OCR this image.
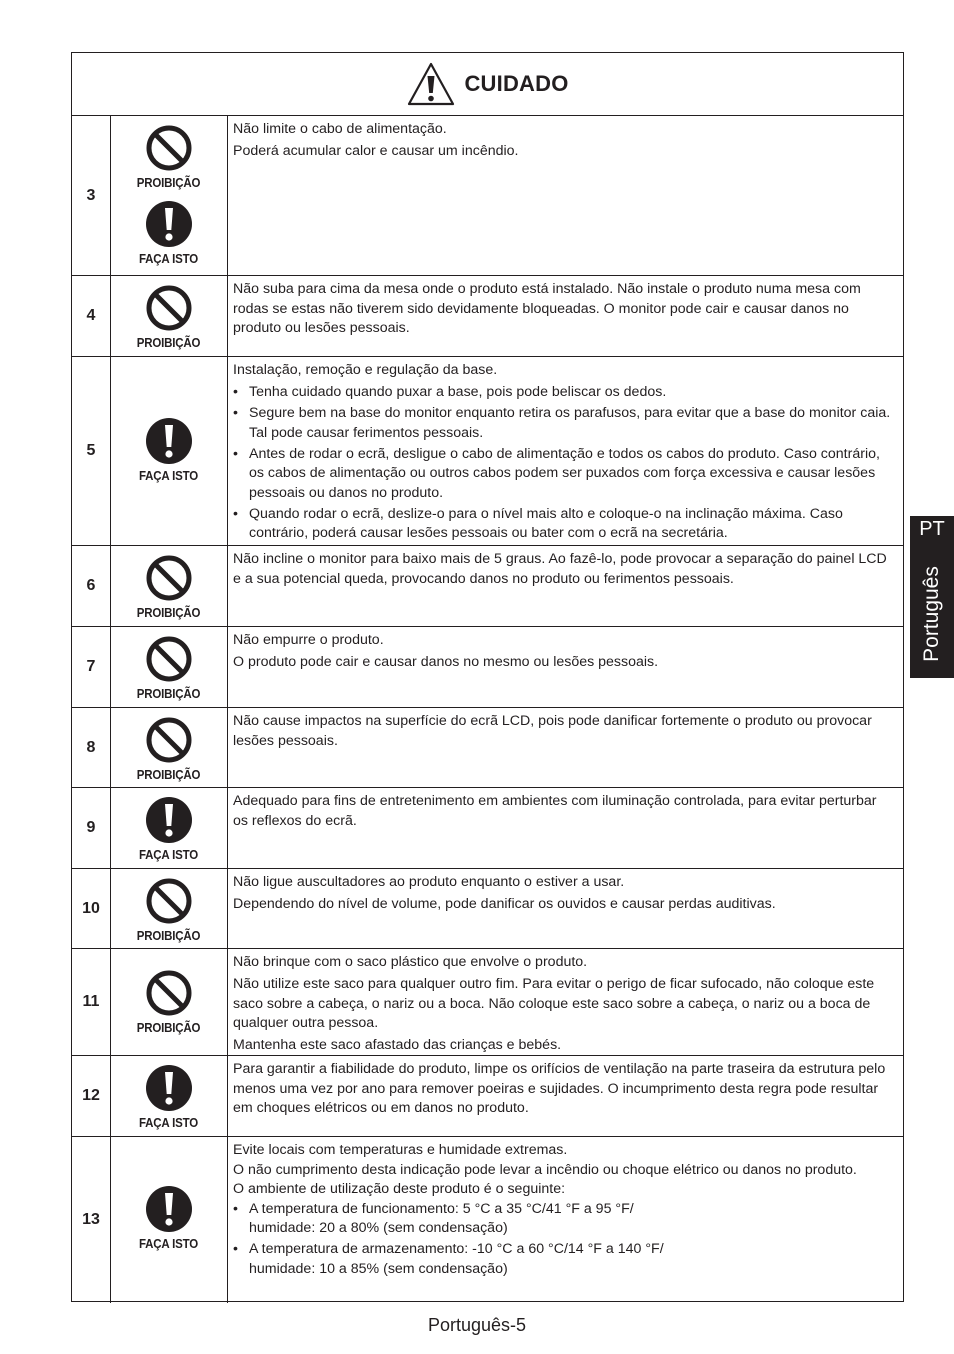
CUIDADO
3
PROIBIÇÃO
FAÇA ISTO

Não limite o cabo de alimentação.

Poderá acumular calor e causar um incêndio.

4
PROIBIÇÃO

Não suba para cima da mesa onde o produto está instalado. Não instale o produto numa mesa com rodas se estas não tiverem sido devidamente bloqueadas. O monitor pode cair e causar danos no produto ou lesões pessoais.

5
FAÇA ISTO

Instalação, remoção e regulação da base.

• Tenha cuidado quando puxar a base, pois pode beliscar os dedos.
• Segure bem na base do monitor enquanto retira os parafusos, para evitar que a base do monitor caia. Tal pode causar ferimentos pessoais.
• Antes de rodar o ecrã, desligue o cabo de alimentação e todos os cabos do produto. Caso contrário, os cabos de alimentação ou outros cabos podem ser puxados com força excessiva e causar lesões pessoais ou danos no produto.
• Quando rodar o ecrã, deslize-o para o nível mais alto e coloque-o na inclinação máxima. Caso contrário, poderá causar lesões pessoais ou bater com o ecrã na secretária.
6
PROIBIÇÃO

Não incline o monitor para baixo mais de 5 graus. Ao fazê-lo, pode provocar a separação do painel LCD e a sua potencial queda, provocando danos no produto ou ferimentos pessoais.

7
PROIBIÇÃO

Não empurre o produto.

O produto pode cair e causar danos no mesmo ou lesões pessoais.

8
PROIBIÇÃO

Não cause impactos na superfície do ecrã LCD, pois pode danificar fortemente o produto ou provocar lesões pessoais.

9
FAÇA ISTO

Adequado para fins de entretenimento em ambientes com iluminação controlada, para evitar perturbar os reflexos do ecrã.

10
PROIBIÇÃO

Não ligue auscultadores ao produto enquanto o estiver a usar.

Dependendo do nível de volume, pode danificar os ouvidos e causar perdas auditivas.

11
PROIBIÇÃO

Não brinque com o saco plástico que envolve o produto.

Não utilize este saco para qualquer outro fim. Para evitar o perigo de ficar sufocado, não coloque este saco sobre a cabeça, o nariz ou a boca. Não coloque este saco sobre a cabeça, o nariz ou a boca de qualquer outra pessoa.

Mantenha este saco afastado das crianças e bebés.

12
FAÇA ISTO

Para garantir a fiabilidade do produto, limpe os orifícios de ventilação na parte traseira da estrutura pelo menos uma vez por ano para remover poeiras e sujidades. O incumprimento desta regra pode resultar em choques elétricos ou em danos no produto.

13
FAÇA ISTO

Evite locais com temperaturas e humidade extremas.

O não cumprimento desta indicação pode levar a incêndio ou choque elétrico ou danos no produto.

O ambiente de utilização deste produto é o seguinte:

• A temperatura de funcionamento: 5 °C a 35 °C/41 °F a 95 °F/
humidade: 20 a 80% (sem condensação)
• A temperatura de armazenamento: -10 °C a 60 °C/14 °F a 140 °F/
humidade: 10 a 85% (sem condensação)
PT
Português
Português-5
